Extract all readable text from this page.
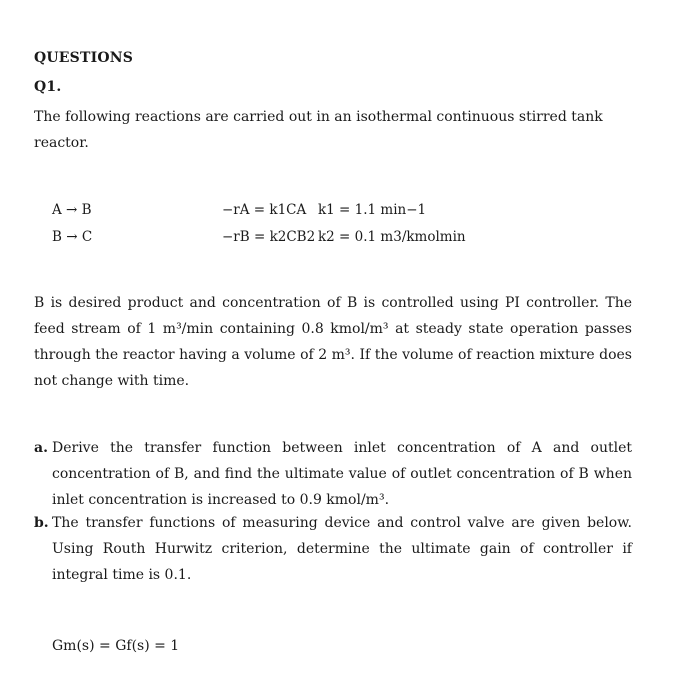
QUESTIONS
Q1.
The following reactions are carried out in an isothermal continuous stirred tank reactor.
A → B	−rA = k1CA k1 = 1.1 min−1
B → C	−rB = k2CB2 k2 = 0.1 m3/kmolmin
B is desired product and concentration of B is controlled using PI controller. The feed stream of 1 m³/min containing 0.8 kmol/m³ at steady state operation passes through the reactor having a volume of 2 m³. If the volume of reaction mixture does not change with time.
a. Derive the transfer function between inlet concentration of A and outlet concentration of B, and find the ultimate value of outlet concentration of B when inlet concentration is increased to 0.9 kmol/m³.
b. The transfer functions of measuring device and control valve are given below. Using Routh Hurwitz criterion, determine the ultimate gain of controller if integral time is 0.1.
Gm(s) = Gf(s) = 1
